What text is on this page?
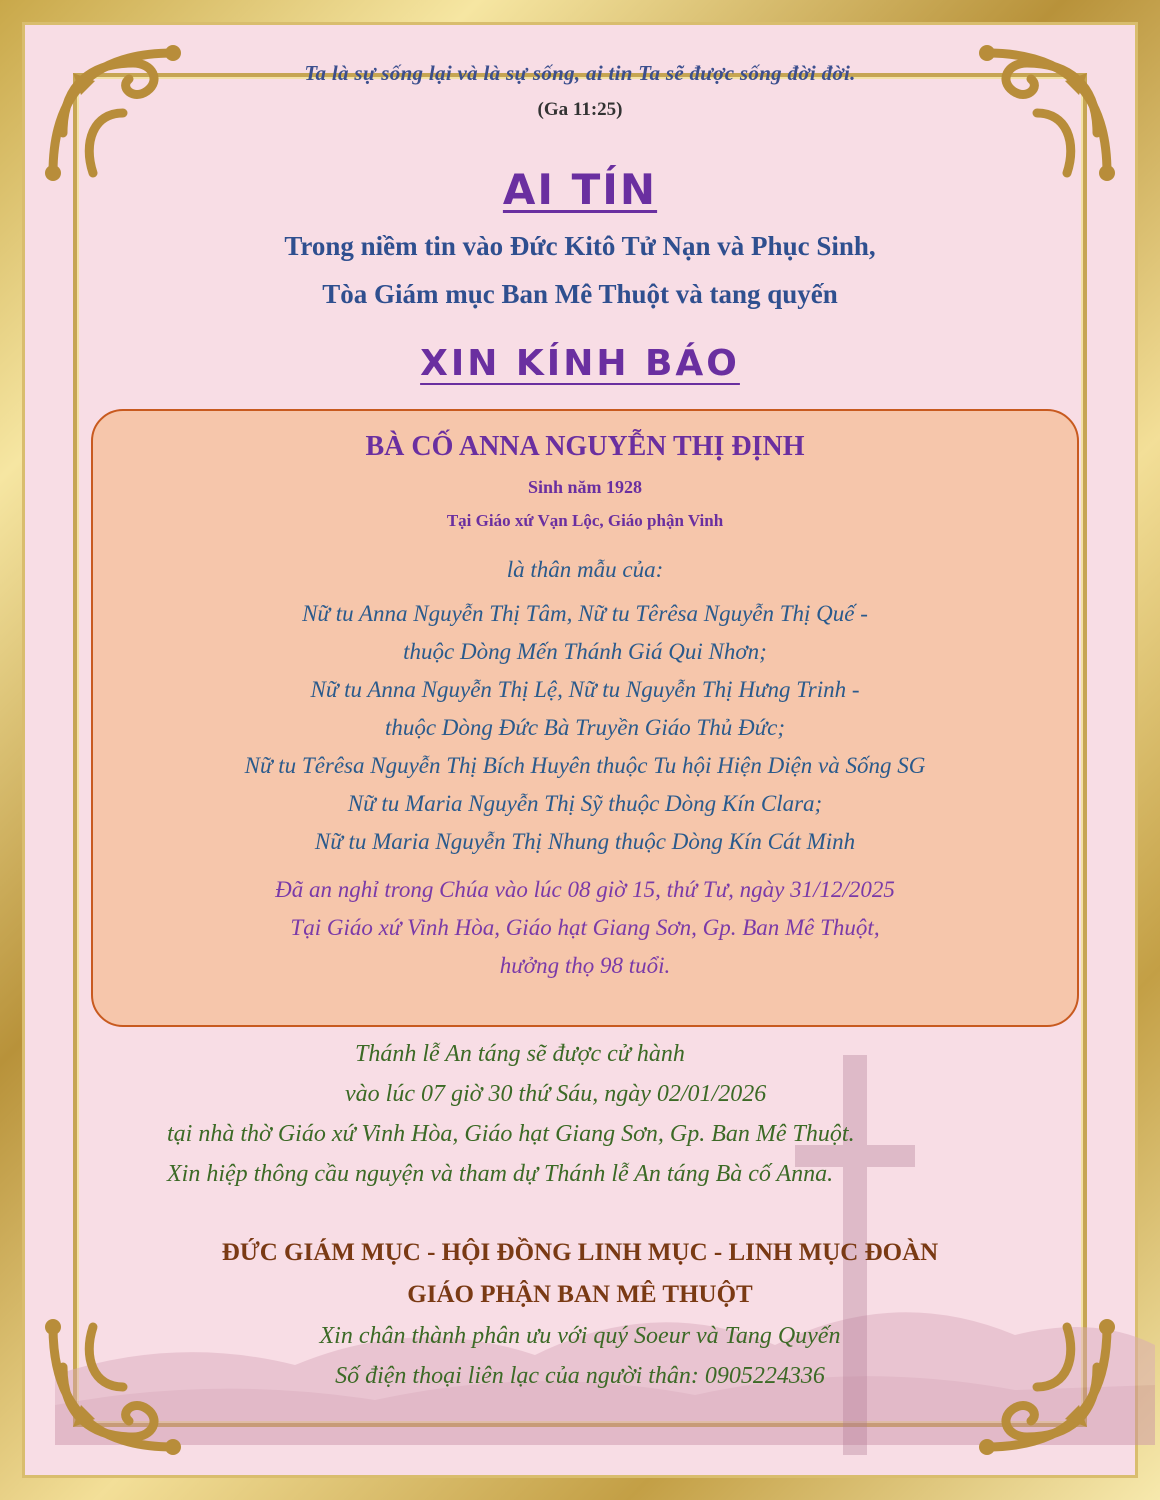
Ta là sự sống lại và là sự sống, ai tin Ta sẽ được sống đời đời.
(Ga 11:25)
AI TÍN
Trong niềm tin vào Đức Kitô Tử Nạn và Phục Sinh,
Tòa Giám mục Ban Mê Thuột và tang quyến
XIN KÍNH BÁO
BÀ CỐ ANNA NGUYỄN THỊ ĐỊNH
Sinh năm 1928
Tại Giáo xứ Vạn Lộc, Giáo phận Vinh
là thân mẫu của:
Nữ tu Anna Nguyễn Thị Tâm, Nữ tu Têrêsa Nguyễn Thị Quế -
thuộc Dòng Mến Thánh Giá Qui Nhơn;
Nữ tu Anna Nguyễn Thị Lệ, Nữ tu Nguyễn Thị Hưng Trinh -
thuộc Dòng Đức Bà Truyền Giáo Thủ Đức;
Nữ tu Têrêsa Nguyễn Thị Bích Huyên thuộc Tu hội Hiện Diện và Sống SG
Nữ tu Maria Nguyễn Thị Sỹ thuộc Dòng Kín Clara;
Nữ tu Maria Nguyễn Thị Nhung thuộc Dòng Kín Cát Minh
Đã an nghỉ trong Chúa vào lúc 08 giờ 15, thứ Tư, ngày 31/12/2025
Tại Giáo xứ Vinh Hòa, Giáo hạt Giang Sơn, Gp. Ban Mê Thuột,
hưởng thọ 98 tuổi.
Thánh lễ An táng sẽ được cử hành
vào lúc 07 giờ 30 thứ Sáu, ngày 02/01/2026
tại nhà thờ Giáo xứ Vinh Hòa, Giáo hạt Giang Sơn, Gp. Ban Mê Thuột.
Xin hiệp thông cầu nguyện và tham dự Thánh lễ An táng Bà cố Anna.
ĐỨC GIÁM MỤC - HỘI ĐỒNG LINH MỤC - LINH MỤC ĐOÀN
GIÁO PHẬN BAN MÊ THUỘT
Xin chân thành phân ưu với quý Soeur và Tang Quyến
Số điện thoại liên lạc của người thân: 0905224336
